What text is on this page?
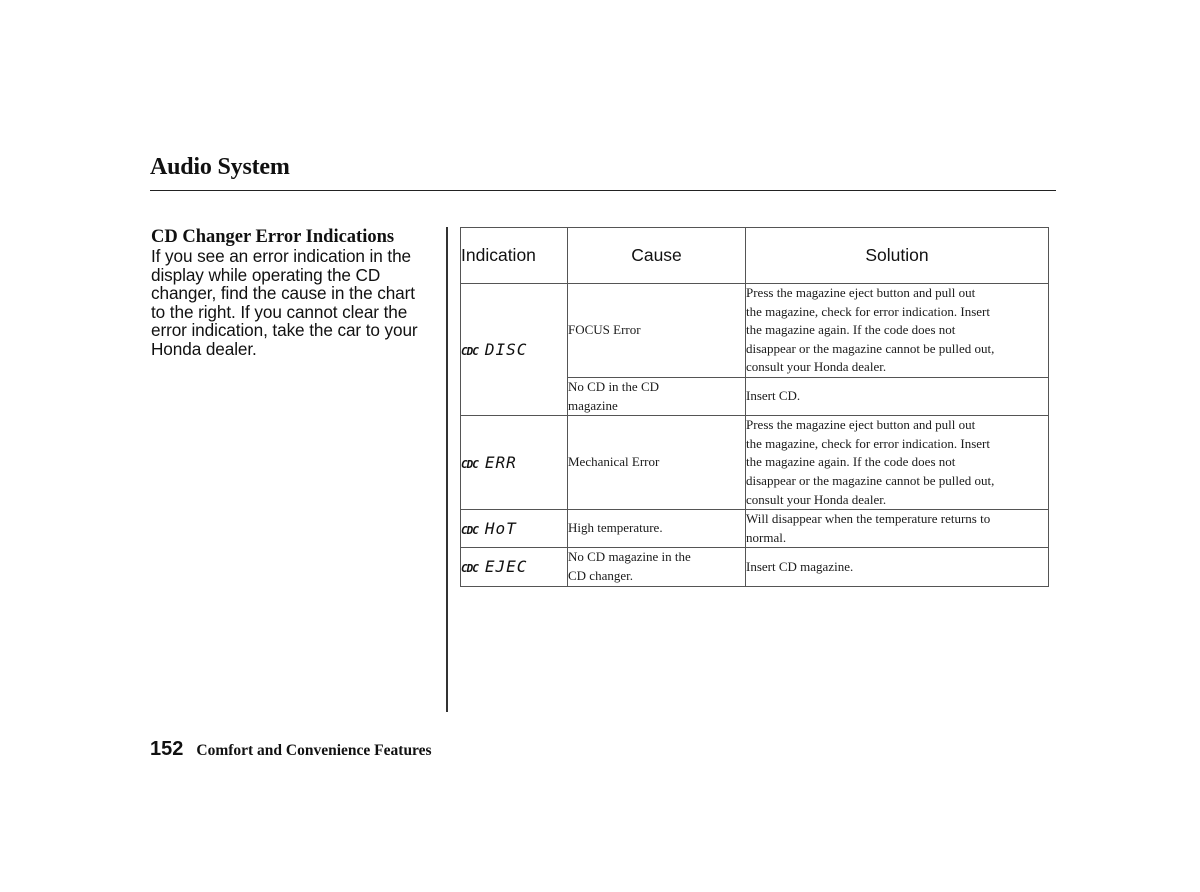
Audio System
CD Changer Error Indications

If you see an error indication in the
display while operating the CD
changer, find the cause in the chart
to the right. If you cannot clear the
error indication, take the car to your
Honda dealer.

Indication	Cause	Solution

CDC DISC	FOCUS Error	Press the magazine eject button and pull out
the magazine, check for error indication. Insert
the magazine again. If the code does not
disappear or the magazine cannot be pulled out,
consult your Honda dealer.
	No CD in the CD
magazine	Insert CD.

CDC ERR	Mechanical Error	Press the magazine eject button and pull out
the magazine, check for error indication. Insert
the magazine again. If the code does not
disappear or the magazine cannot be pulled out,
consult your Honda dealer.

CDC HoT	High temperature.	Will disappear when the temperature returns to
normal.

CDC EJEC	No CD magazine in the
CD changer.	Insert CD magazine.
152 Comfort and Convenience Features
